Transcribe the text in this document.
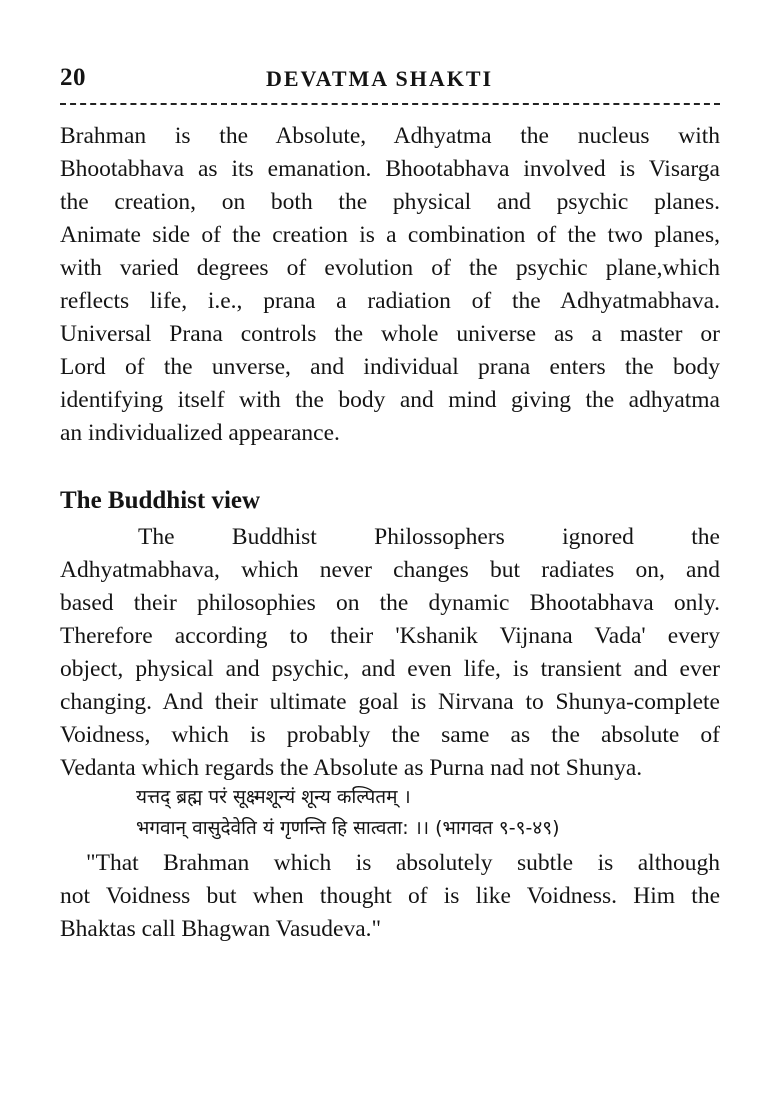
20	DEVATMA SHAKTI
Brahman is the Absolute, Adhyatma the nucleus with
Bhootabhava as its emanation. Bhootabhava involved is Visarga
the creation, on both the physical and psychic planes.
Animate side of the creation is a combination of the two planes,
with varied degrees of evolution of the psychic plane,which
reflects life, i.e., prana a radiation of the Adhyatmabhava.
Universal Prana controls the whole universe as a master or
Lord of the unverse, and individual prana enters the body
identifying itself with the body and mind giving the adhyatma
an individualized appearance.
The Buddhist view
The Buddhist Philossophers ignored the
Adhyatmabhava, which never changes but radiates on, and
based their philosophies on the dynamic Bhootabhava only.
Therefore according to their 'Kshanik Vijnana Vada' every
object, physical and psychic, and even life, is transient and ever
changing. And their ultimate goal is Nirvana to Shunya-complete
Voidness, which is probably the same as the absolute of
Vedanta which regards the Absolute as Purna nad not Shunya.
यत्तद् ब्रह्म परं सूक्ष्मशून्यं शून्य कल्पितम् ।
भगवान् वासुदेवेति यं गृणन्ति हि सात्वता: ।। (भागवत ९-९-४९)
"That Brahman which is absolutely subtle is although
not Voidness but when thought of is like Voidness. Him the
Bhaktas call Bhagwan Vasudeva."
